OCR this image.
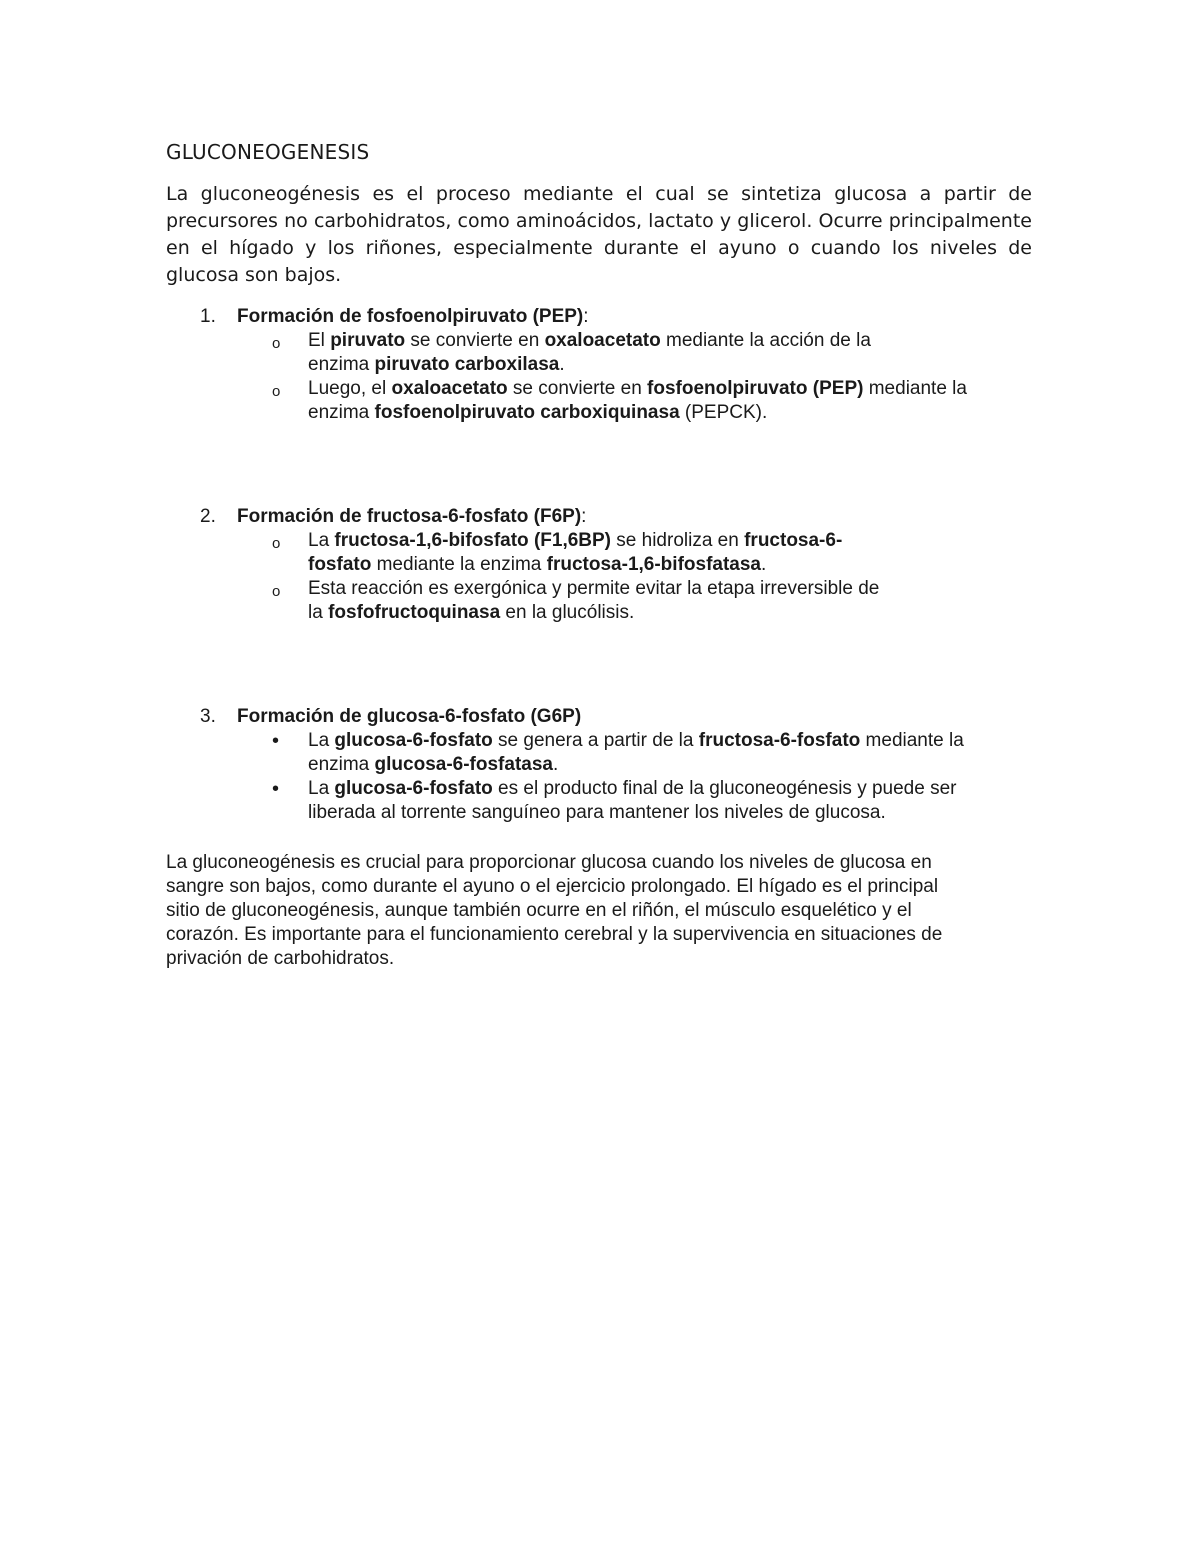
GLUCONEOGENESIS

La gluconeogénesis es el proceso mediante el cual se sintetiza glucosa a partir de precursores no carbohidratos, como aminoácidos, lactato y glicerol. Ocurre principalmente en el hígado y los riñones, especialmente durante el ayuno o cuando los niveles de glucosa son bajos.

1. Formación de fosfoenolpiruvato (PEP):
o	El piruvato se convierte en oxaloacetato mediante la acción de la
enzima piruvato carboxilasa.
o	Luego, el oxaloacetato se convierte en fosfoenolpiruvato (PEP) mediante la
enzima fosfoenolpiruvato carboxiquinasa (PEPCK).
2. Formación de fructosa-6-fosfato (F6P):
o	La fructosa-1,6-bifosfato (F1,6BP) se hidroliza en fructosa-6-
fosfato mediante la enzima fructosa-1,6-bifosfatasa.
o	Esta reacción es exergónica y permite evitar la etapa irreversible de
la fosfofructoquinasa en la glucólisis.
3. Formación de glucosa-6-fosfato (G6P)
•	La glucosa-6-fosfato se genera a partir de la fructosa-6-fosfato mediante la
enzima glucosa-6-fosfatasa.
•	La glucosa-6-fosfato es el producto final de la gluconeogénesis y puede ser
liberada al torrente sanguíneo para mantener los niveles de glucosa.

La gluconeogénesis es crucial para proporcionar glucosa cuando los niveles de glucosa en
sangre son bajos, como durante el ayuno o el ejercicio prolongado. El hígado es el principal
sitio de gluconeogénesis, aunque también ocurre en el riñón, el músculo esquelético y el
corazón. Es importante para el funcionamiento cerebral y la supervivencia en situaciones de
privación de carbohidratos.
